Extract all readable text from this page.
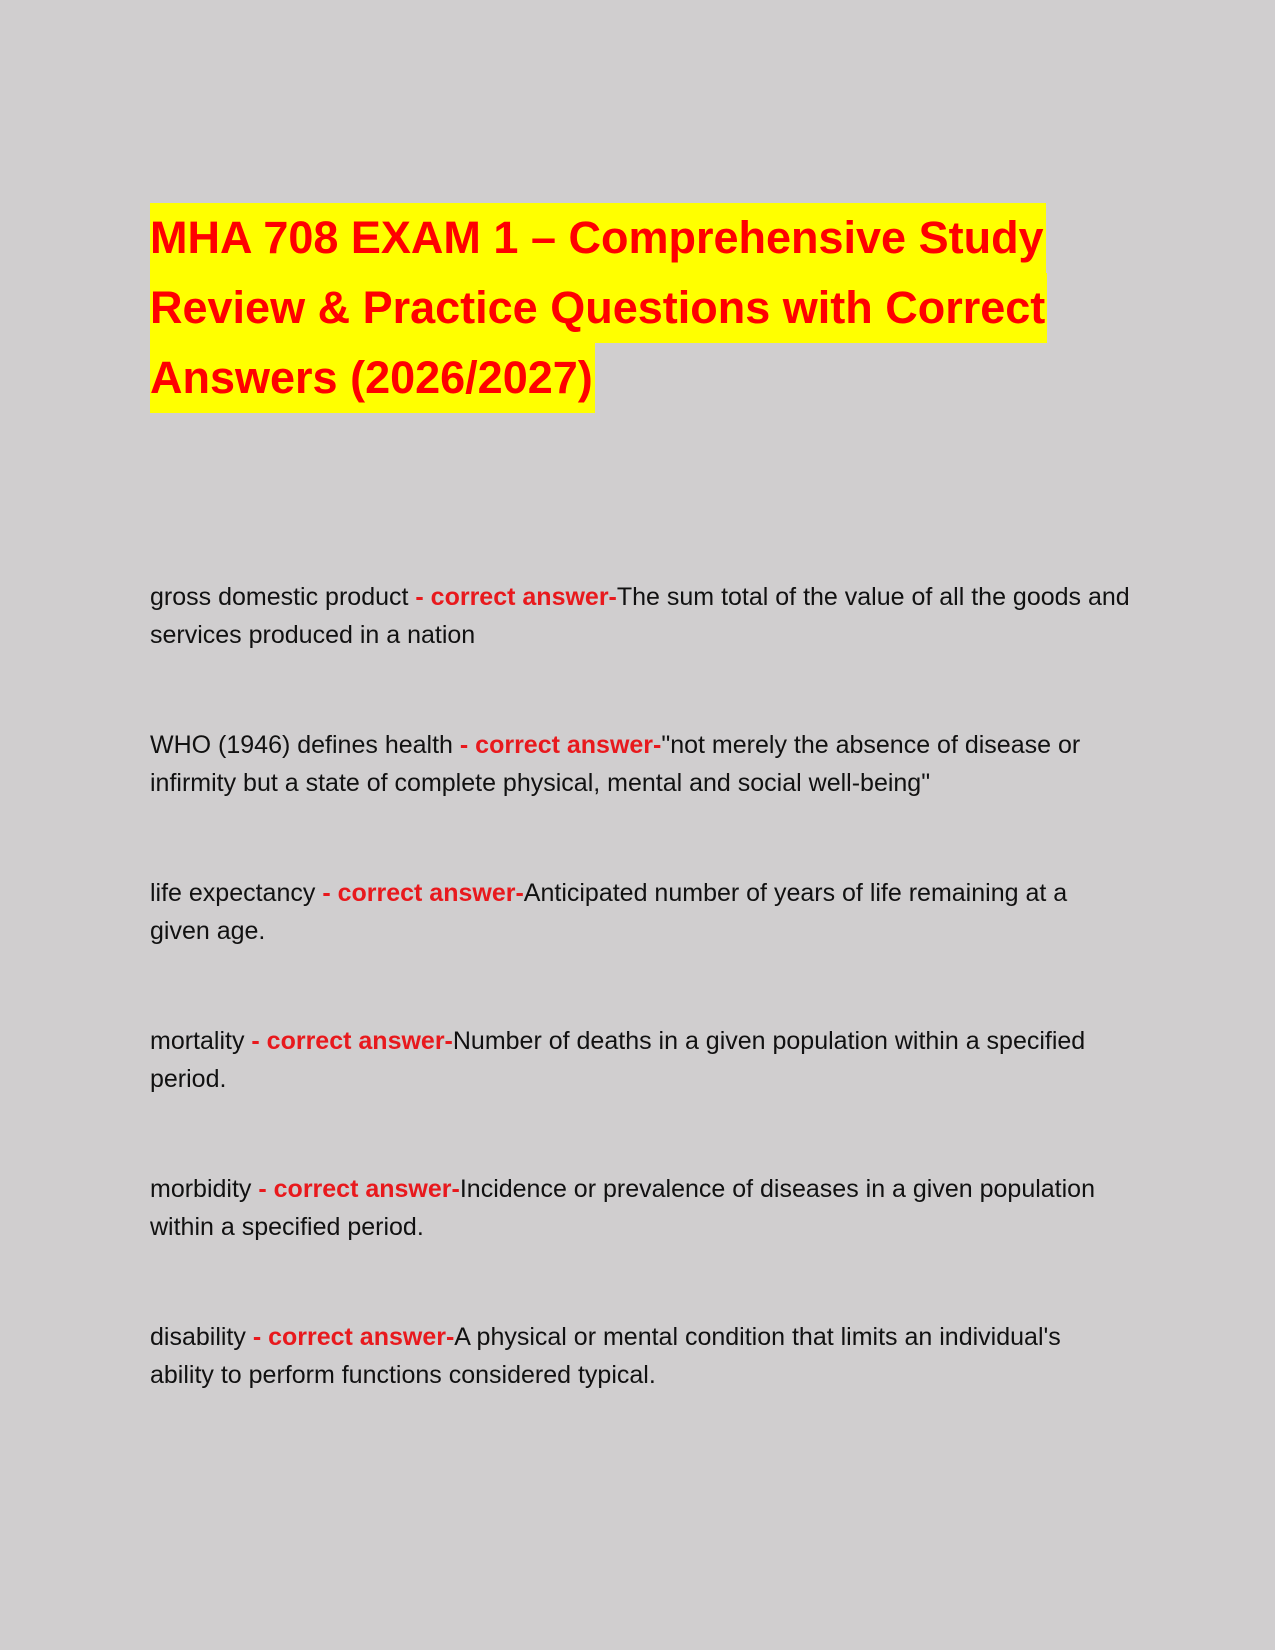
MHA 708 EXAM 1 – Comprehensive Study
Review & Practice Questions with Correct
Answers (2026/2027)

gross domestic product - correct answer-The sum total of the value of all the goods and services produced in a nation

WHO (1946) defines health - correct answer-"not merely the absence of disease or infirmity but a state of complete physical, mental and social well-being"

life expectancy - correct answer-Anticipated number of years of life remaining at a given age.

mortality - correct answer-Number of deaths in a given population within a specified period.

morbidity - correct answer-Incidence or prevalence of diseases in a given population within a specified period.

disability - correct answer-A physical or mental condition that limits an individual's ability to perform functions considered typical.
